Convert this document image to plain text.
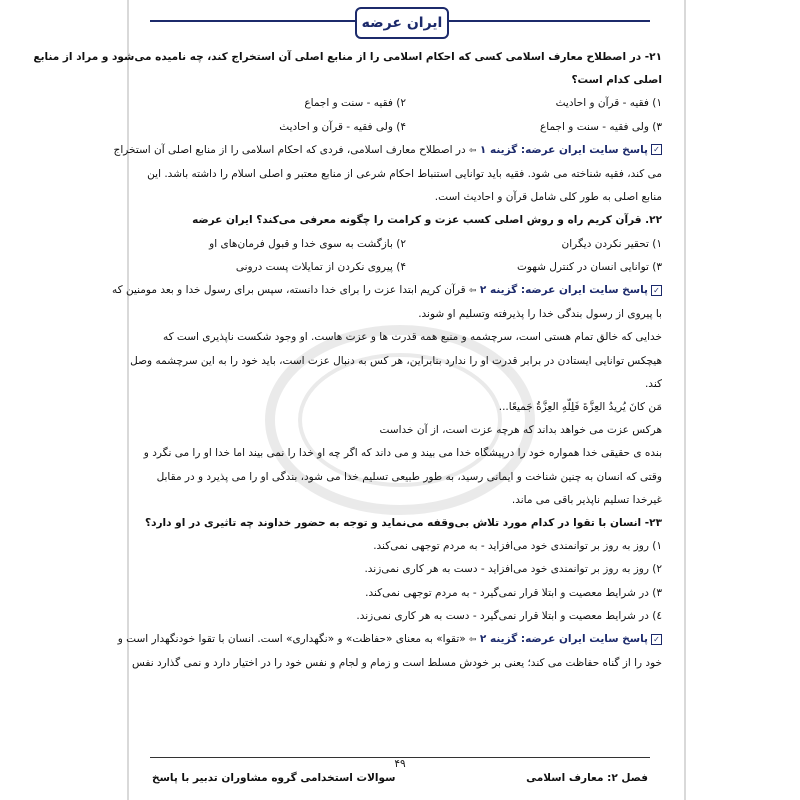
ایران عرضه
۲۱- در اصطلاح معارف اسلامی کسی که احکام اسلامی را از منابع اصلی آن استخراج کند، چه نامیده می‌شود و مراد از منابع
اصلی کدام است؟
۱) فقیه - قرآن و احادیث
۲) فقیه - سنت و اجماع
۳) ولی فقیه - سنت و اجماع
۴) ولی فقیه - قرآن و احادیث
✓پاسخ سایت ایران عرضه: گزینه ۱ ⇦ در اصطلاح معارف اسلامی، فردی که احکام اسلامی را از منابع اصلی آن استخراج
می کند، فقیه شناخته می شود. فقیه باید توانایی استنباط احکام شرعی از منابع معتبر و اصلی اسلام را داشته باشد. این
منابع اصلی به طور کلی شامل قرآن و احادیث است.
۲۲. قرآن کریم راه و روش اصلی کسب عزت و کرامت را چگونه معرفی می‌کند؟ ایران عرضه
۱) تحقیر نکردن دیگران
۲) بازگشت به سوی خدا و قبول فرمان‌های او
۳) توانایی انسان در کنترل شهوت
۴) پیروی نکردن از تمایلات پست درونی
✓پاسخ سایت ایران عرضه: گزینه ۲ ⇦ قرآن کریم ابتدا عزت را برای خدا دانسته، سپس برای رسول خدا و بعد مومنین که
با پیروی از رسول بندگی خدا را پذیرفته وتسلیم او شوند.
خدایی که خالق تمام هستی است، سرچشمه و منبع همه قدرت ها و عزت هاست. او وجود شکست ناپذیری است که
هیچکس توانایی ایستادن در برابر قدرت او را ندارد بنابراین، هر کس به دنبال عزت است، باید خود را به این سرچشمه وصل
کند.
مَن کانَ یُریدُ العِزَّةَ فَلِلّهِ العِزَّةُ جَمیعًا...
هرکس عزت می خواهد بداند که هرچه عزت است، از آن خداست
بنده ی حقیقی خدا همواره خود را درپیشگاه خدا می بیند و می داند که اگر چه او خدا را نمی بیند اما خدا او را می نگرد و
وقتی که انسان به چنین شناخت و ایمانی رسید، به طور طبیعی تسلیم خدا می شود، بندگی او را می پذیرد و در مقابل
غیرخدا تسلیم ناپذیر باقی می ماند.
۲۳- انسان با تقوا در کدام مورد تلاش بی‌وقفه می‌نماید و توجه به حضور خداوند چه تاثیری در او دارد؟
۱) روز به روز بر توانمندی خود می‌افزاید - به مردم توجهی نمی‌کند.
۲) روز به روز بر توانمندی خود می‌افزاید - دست به هر کاری نمی‌زند.
۳) در شرایط معصیت و ابتلا قرار نمی‌گیرد - به مردم توجهی نمی‌کند.
٤) در شرایط معصیت و ابتلا قرار نمی‌گیرد - دست به هر کاری نمی‌زند.
✓پاسخ سایت ایران عرضه: گزینه ۲ ⇦ «تقوا» به معنای «حفاظت» و «نگهداری» است. انسان با تقوا خودنگهدار است و
خود را از گناه حفاظت می کند؛ یعنی بر خودش مسلط است و زمام و لجام و نفس خود را در اختیار دارد و نمی گذارد نفس
۴۹
فصل ۲: معارف اسلامی
سوالات استخدامی گروه مشاوران تدبیر با پاسخ
